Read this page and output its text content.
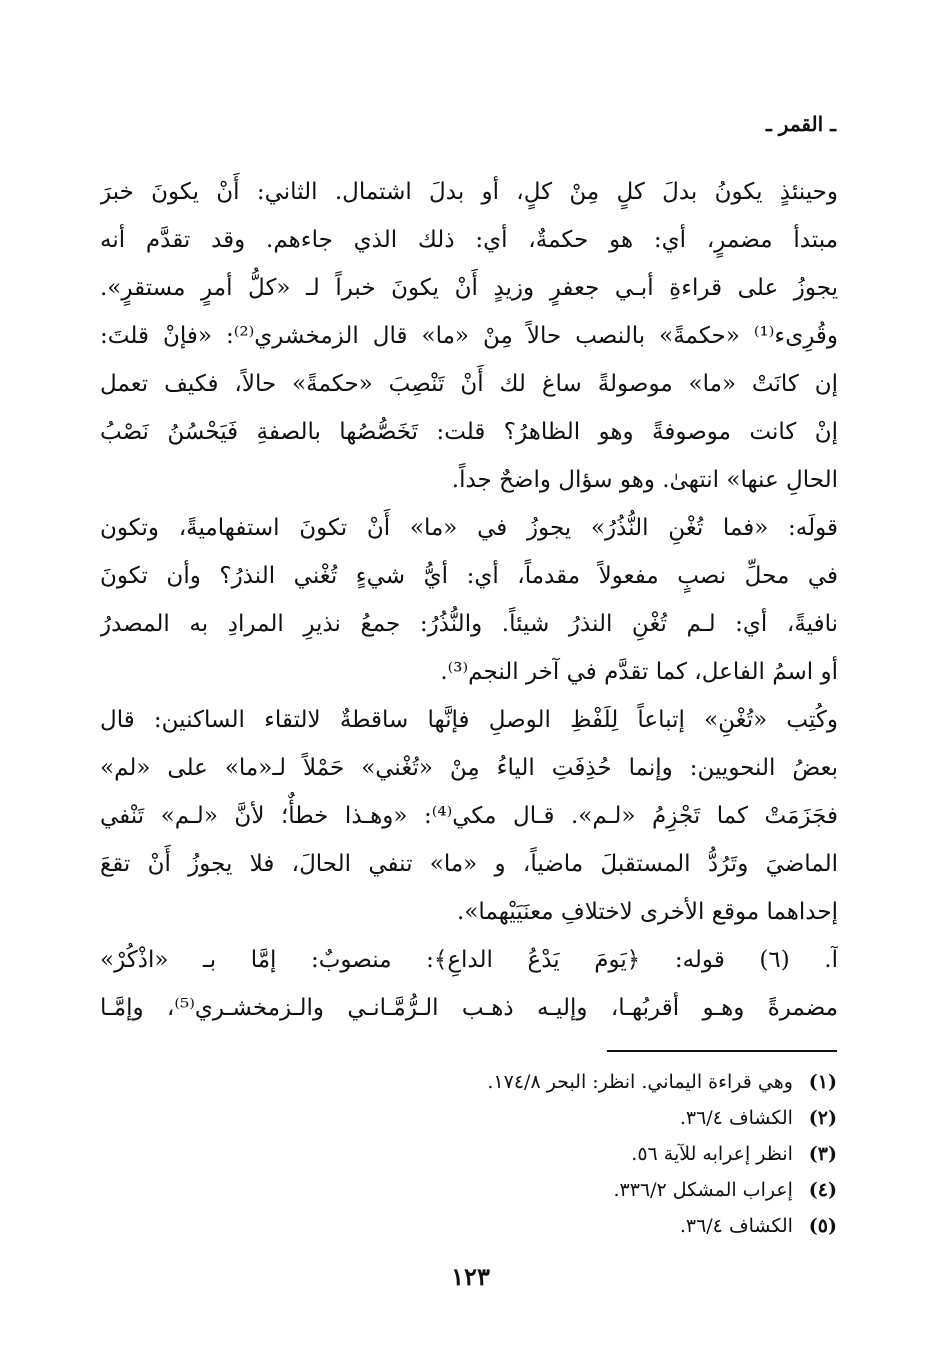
ـ القمر ـ
وحينئذٍ يكونُ بدلَ كلٍ مِنْ كلٍ، أو بدلَ اشتمال. الثاني: أَنْ يكونَ خبرَ
مبتدأ مضمرٍ، أي: هو حكمةٌ، أي: ذلك الذي جاءهم. وقد تقدَّم أنه
يجوزُ على قراءةِ أبـي جعفرٍ وزيدٍ أَنْ يكونَ خبراً لـ «كلُّ أمرٍ مستقرٍ».
وقُرِىء⁽¹⁾ «حكمةً» بالنصب حالاً مِنْ «ما» قال الزمخشري⁽²⁾: «فإنْ قلتَ:
إن كانَتْ «ما» موصولةً ساغ لك أَنْ تَنْصِبَ «حكمةً» حالاً، فكيف تعمل
إنْ كانت موصوفةً وهو الظاهرُ؟ قلت: تَخَصُّصُها بالصفةِ فَيَحْسُنُ نَصْبُ
الحالِ عنها» انتهىٰ. وهو سؤال واضحٌ جداً.
قولَه: «فما تُغْنِ النُّذُرُ» يجوزُ في «ما» أَنْ تكونَ استفهاميةً، وتكون
في محلِّ نصبٍ مفعولاً مقدماً، أي: أيُّ شيءٍ تُغْني النذرُ؟ وأن تكونَ
نافيةً، أي: لـم تُغْنِ النذرُ شيئاً. والنُّذُرُ: جمعُ نذيرِ المرادِ به المصدرُ
أو اسمُ الفاعل، كما تقدَّم في آخر النجم⁽³⁾.
وكُتِب «تُغْنِ» إتباعاً لِلَفْظِ الوصلِ فإنَّها ساقطةٌ لالتقاء الساكنين: قال
بعضُ النحويين: وإنما حُذِفَتِ الياءُ مِنْ «تُغْني» حَمْلاً لـ«ما» على «لم»
فجَزَمَتْ كما تَجْزِمُ «لـم». قـال مكي⁽⁴⁾: «وهـذا خطأٌ؛ لأنَّ «لـم» تَنْفي
الماضيَ وتَرُدُّ المستقبلَ ماضياً، و «ما» تنفي الحالَ، فلا يجوزُ أَنْ تقعَ
إحداهما موقع الأخرى لاختلافِ معنَيَيْهما».
آ. (٦) قوله: ﴿يَومَ يَدْعُ الداعِ﴾: منصوبٌ: إمَّا بـ «اذْكُرْ»
مضمرةً وهـو أقربُهـا، وإليـه ذهـب الـرُّمَّـانـي والـزمخشـري⁽⁵⁾، وإمَّـا
(١) وهي قراءة اليماني. انظر: البحر ١٧٤/٨.
(٢) الكشاف ٣٦/٤.
(٣) انظر إعرابه للآية ٥٦.
(٤) إعراب المشكل ٣٣٦/٢.
(٥) الكشاف ٣٦/٤.
١٢٣
